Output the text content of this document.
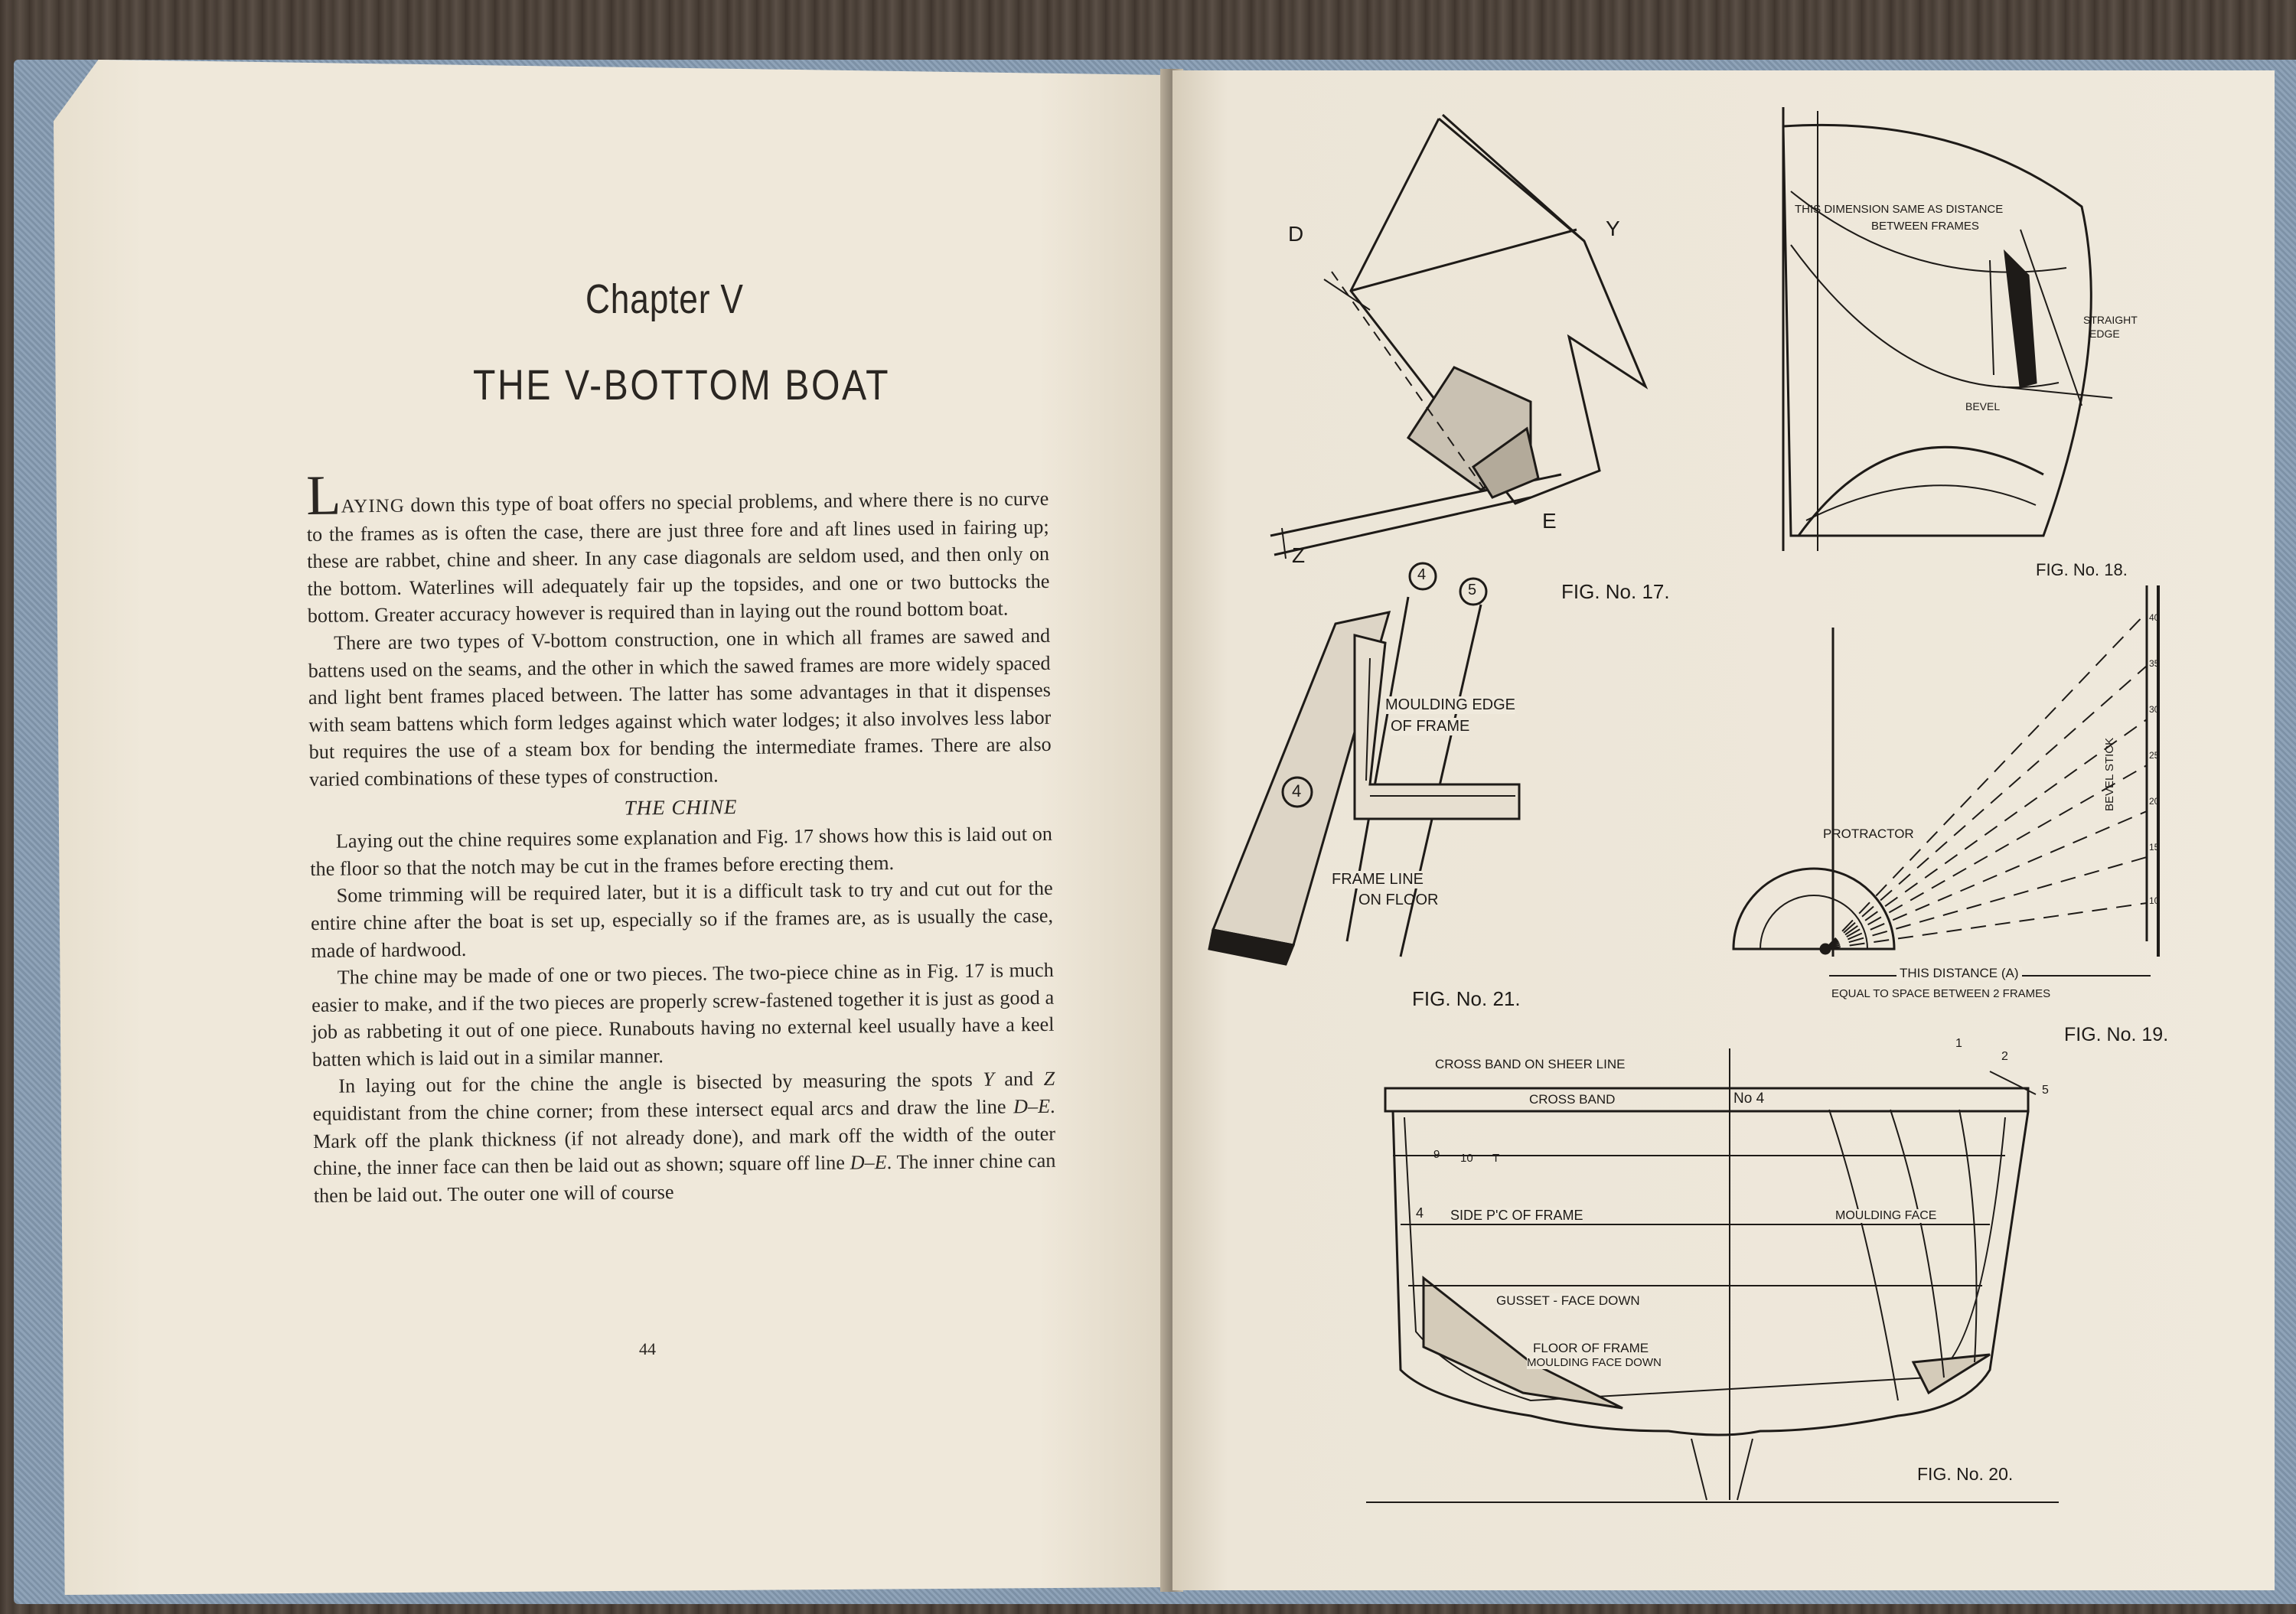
Chapter V
THE V-BOTTOM BOAT

LAYING down this type of boat offers no special problems, and where there is no curve to the frames as is often the case, there are just three fore and aft lines used in fairing up; these are rabbet, chine and sheer. In any case diagonals are seldom used, and then only on the bottom. Waterlines will adequately fair up the topsides, and one or two buttocks the bottom. Greater accuracy however is required than in laying out the round bottom boat.

There are two types of V-bottom construction, one in which all frames are sawed and battens used on the seams, and the other in which the sawed frames are more widely spaced and light bent frames placed between. The latter has some advantages in that it dispenses with seam battens which form ledges against which water lodges; it also involves less labor but requires the use of a steam box for bending the intermediate frames. There are also varied combinations of these types of construction.

THE CHINE

Laying out the chine requires some explanation and Fig. 17 shows how this is laid out on the floor so that the notch may be cut in the frames before erecting them.

Some trimming will be required later, but it is a difficult task to try and cut out for the entire chine after the boat is set up, especially so if the frames are, as is usually the case, made of hardwood.

The chine may be made of one or two pieces. The two-piece chine as in Fig. 17 is much easier to make, and if the two pieces are properly screw-fastened together it is just as good a job as rabbeting it out of one piece. Runabouts having no external keel usually have a keel batten which is laid out in a similar manner.

In laying out for the chine the angle is bisected by measuring the spots Y and Z equidistant from the chine corner; from these intersect equal arcs and draw the line D–E. Mark off the plank thickness (if not already done), and mark off the width of the outer chine, the inner face can then be laid out as shown; square off line D–E. The inner chine can then be laid out. The outer one will of course

44
D	Y
E
Z
FIG. No. 17.
THIS DIMENSION SAME AS DISTANCE
BETWEEN FRAMES
STRAIGHT
EDGE
BEVEL
FIG. No. 18.
PROTRACTOR
BEVEL STICK
THIS DISTANCE (A)
EQUAL TO SPACE BETWEEN 2 FRAMES
FIG. No. 19.
10
15
20
25
30
35
40
MOULDING EDGE
OF FRAME
FRAME LINE
ON FLOOR
4
5
4
FIG. No. 21.
CROSS BAND ON SHEER LINE
CROSS BAND	No 4
SIDE P'C OF FRAME	MOULDING FACE
GUSSET - FACE DOWN
FLOOR OF FRAME
MOULDING FACE DOWN
1
2
5
9 10 T
4
FIG. No. 20.
